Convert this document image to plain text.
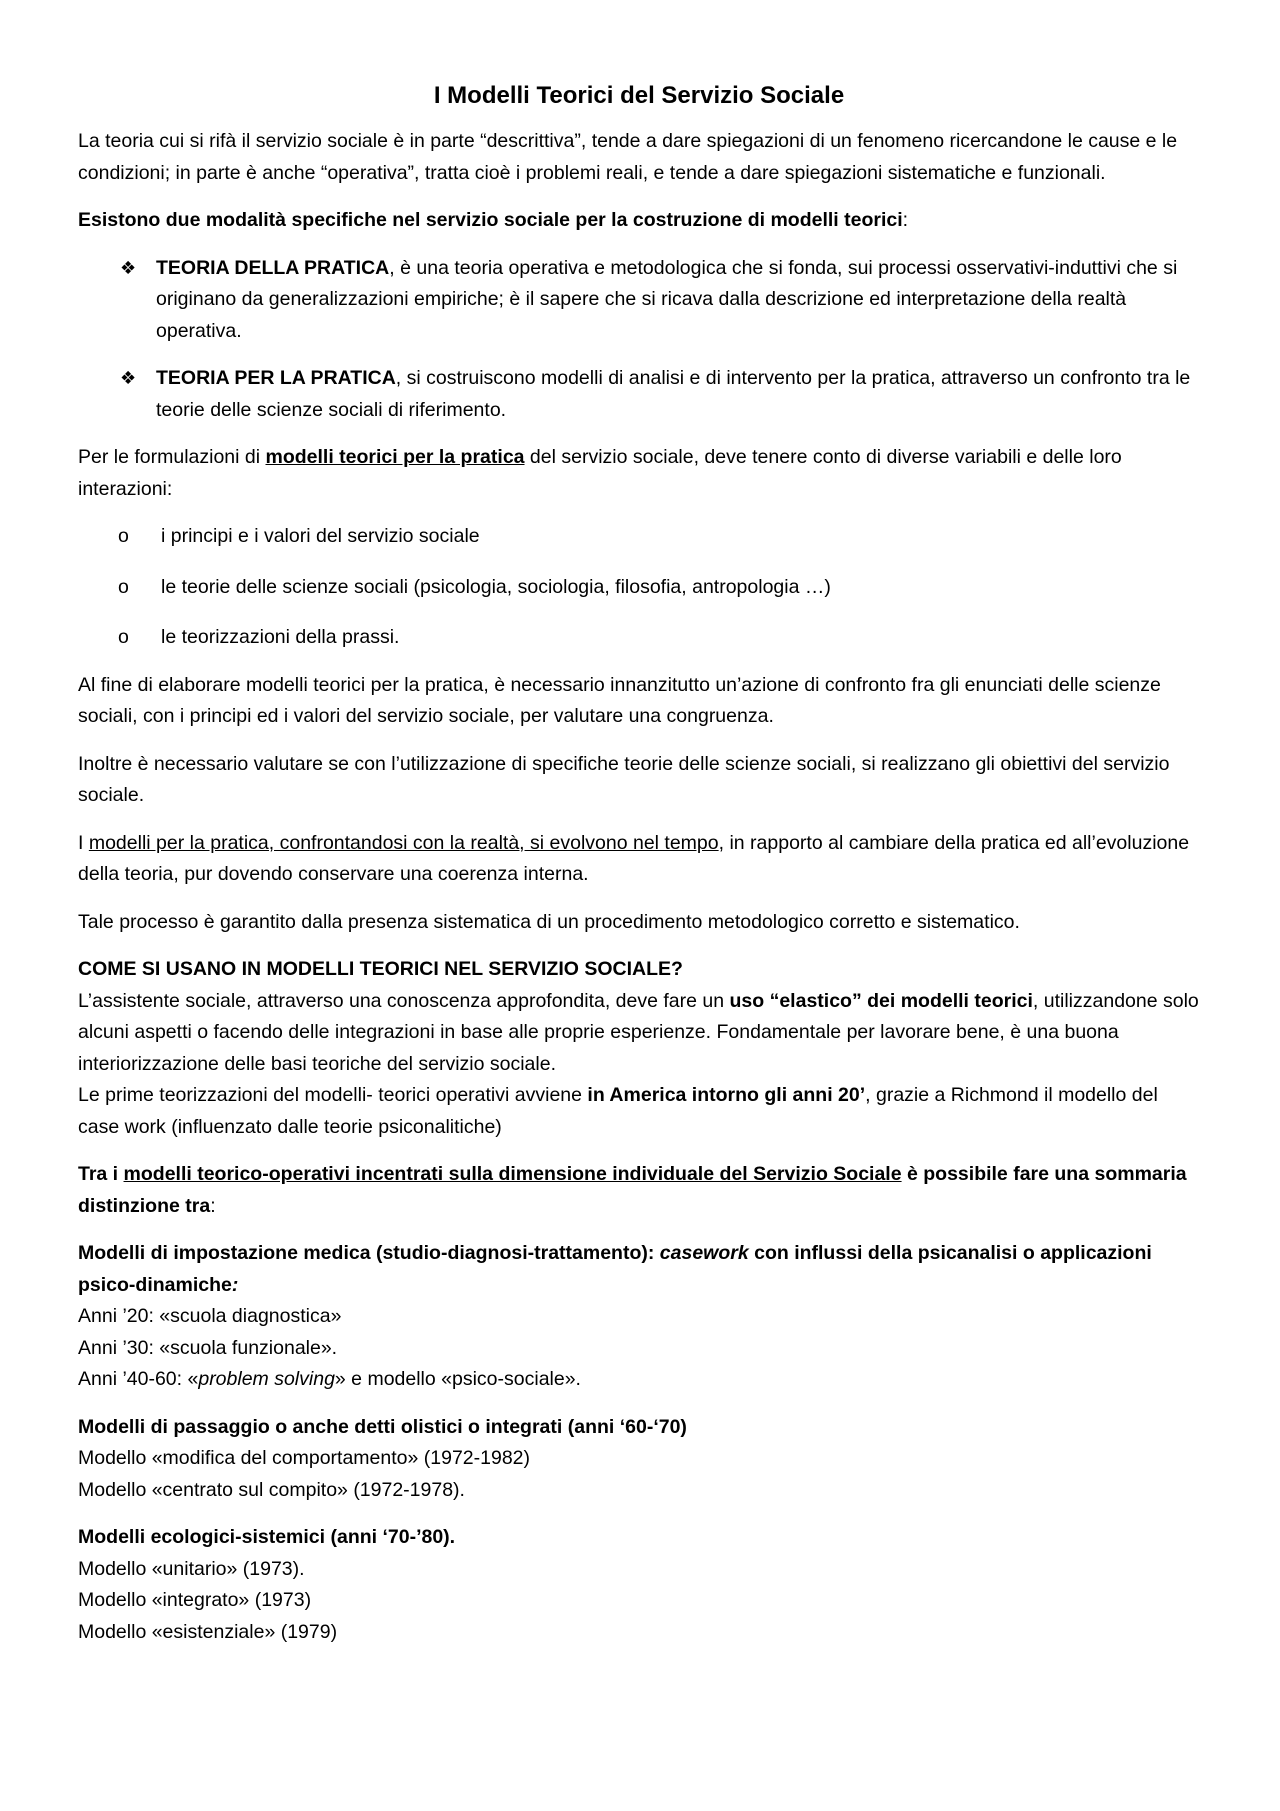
I Modelli Teorici del Servizio Sociale

La teoria cui si rifà il servizio sociale è in parte “descrittiva”, tende a dare spiegazioni di un fenomeno ricercandone le cause e le condizioni; in parte è anche “operativa”, tratta cioè i problemi reali, e tende a dare spiegazioni sistematiche e funzionali.

Esistono due modalità specifiche nel servizio sociale per la costruzione di modelli teorici:

❖ TEORIA DELLA PRATICA, è una teoria operativa e metodologica che si fonda, sui processi osservativi-induttivi che si originano da generalizzazioni empiriche; è il sapere che si ricava dalla descrizione ed interpretazione della realtà operativa.
❖ TEORIA PER LA PRATICA, si costruiscono modelli di analisi e di intervento per la pratica, attraverso un confronto tra le teorie delle scienze sociali di riferimento.

Per le formulazioni di modelli teorici per la pratica del servizio sociale, deve tenere conto di diverse variabili e delle loro interazioni:

o i principi e i valori del servizio sociale
o le teorie delle scienze sociali (psicologia, sociologia, filosofia, antropologia …)
o le teorizzazioni della prassi.

Al fine di elaborare modelli teorici per la pratica, è necessario innanzitutto un’azione di confronto fra gli enunciati delle scienze sociali, con i principi ed i valori del servizio sociale, per valutare una congruenza.

Inoltre è necessario valutare se con l’utilizzazione di specifiche teorie delle scienze sociali, si realizzano gli obiettivi del servizio sociale.

I modelli per la pratica, confrontandosi con la realtà, si evolvono nel tempo, in rapporto al cambiare della pratica ed all’evoluzione della teoria, pur dovendo conservare una coerenza interna.

Tale processo è garantito dalla presenza sistematica di un procedimento metodologico corretto e sistematico.

COME SI USANO IN MODELLI TEORICI NEL SERVIZIO SOCIALE?
L’assistente sociale, attraverso una conoscenza approfondita, deve fare un uso “elastico” dei modelli teorici, utilizzandone solo alcuni aspetti o facendo delle integrazioni in base alle proprie esperienze. Fondamentale per lavorare bene, è una buona interiorizzazione delle basi teoriche del servizio sociale.
Le prime teorizzazioni del modelli- teorici operativi avviene in America intorno gli anni 20’, grazie a Richmond il modello del case work (influenzato dalle teorie psiconalitiche)

Tra i modelli teorico-operativi incentrati sulla dimensione individuale del Servizio Sociale è possibile fare una sommaria distinzione tra:

Modelli di impostazione medica (studio-diagnosi-trattamento): casework con influssi della psicanalisi o applicazioni psico-dinamiche:
Anni ’20: «scuola diagnostica»
Anni ’30: «scuola funzionale».
Anni ’40-60: «problem solving» e modello «psico-sociale».
Modelli di passaggio o anche detti olistici o integrati (anni ‘60-‘70)
Modello «modifica del comportamento» (1972-1982)
Modello «centrato sul compito» (1972-1978).
Modelli ecologici-sistemici (anni ‘70-’80).
Modello «unitario» (1973).
Modello «integrato» (1973)
Modello «esistenziale» (1979)
